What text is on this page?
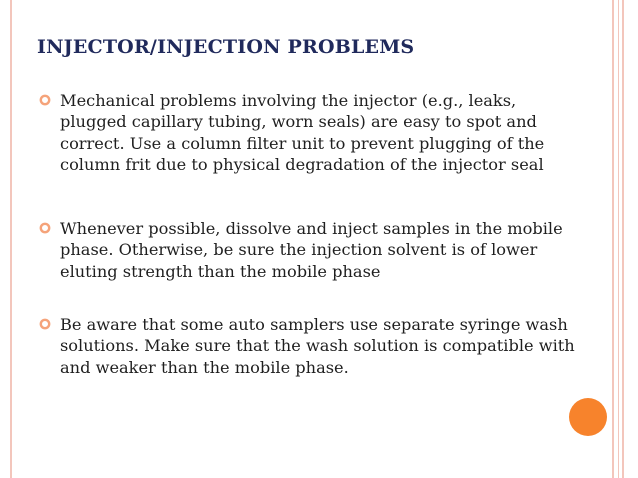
INJECTOR/INJECTION PROBLEMS
Mechanical problems involving the injector (e.g., leaks, plugged capillary tubing, worn seals) are easy to spot and correct. Use a column filter unit to prevent plugging of the column frit due to physical degradation of the injector seal
Whenever possible, dissolve and inject samples in the mobile phase. Otherwise, be sure the injection solvent is of lower eluting strength than the mobile phase
Be aware that some auto samplers use separate syringe wash solutions. Make sure that the wash solution is compatible with and weaker than the mobile phase.
